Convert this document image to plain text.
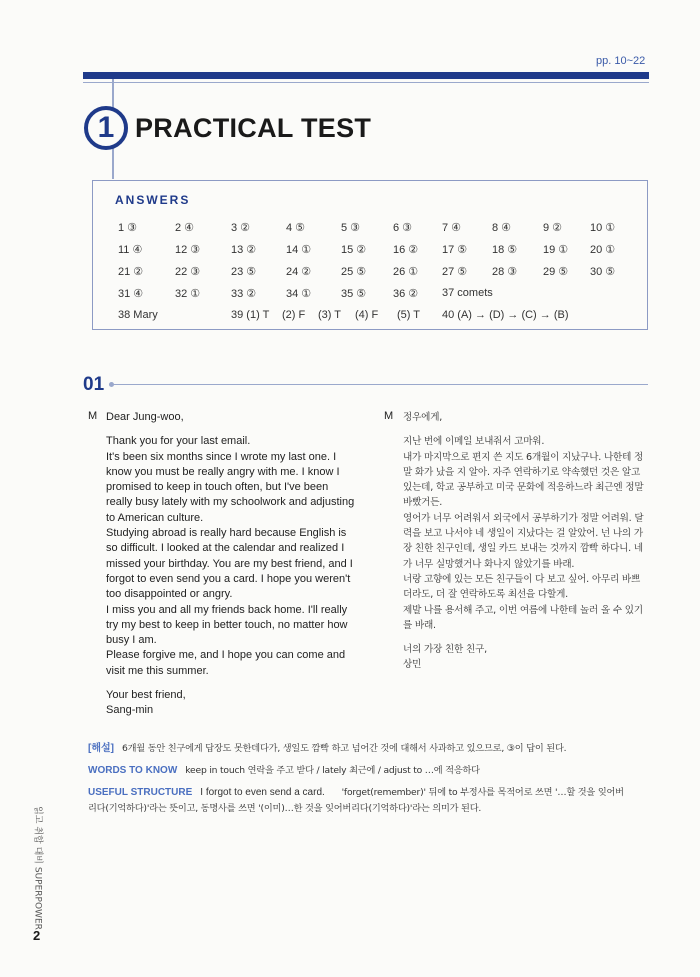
pp. 10~22
1 PRACTICAL TEST
ANSWERS
1 ③	2 ④	3 ②	4 ⑤	5 ③	6 ③	7 ④	8 ④	9 ②	10 ①
11 ④	12 ③	13 ②	14 ①	15 ② 16 ② 17 ⑤ 18 ⑤ 19 ① 20 ①
21 ②	22 ③	23 ⑤	24 ②	25 ⑤ 26 ① 27 ⑤ 28 ③ 29 ⑤ 30 ⑤
31 ④	32 ①	33 ②	34 ①	35 ⑤ 36 ② 37 comets
38 Mary	39 (1) T (2) F (3) T (4) F (5) T 40 (A) → (D) → (C) → (B)
01
M Dear Jung-woo,

Thank you for your last email.

It's been six months since I wrote my last one. I know you must be really angry with me. I know I promised to keep in touch often, but I've been really busy lately with my schoolwork and adjusting to American culture.

Studying abroad is really hard because English is so difficult. I looked at the calendar and realized I missed your birthday. You are my best friend, and I forgot to even send you a card. I hope you weren't too disappointed or angry.

I miss you and all my friends back home. I'll really try my best to keep in better touch, no matter how busy I am.

Please forgive me, and I hope you can come and visit me this summer.

Your best friend,

Sang-min

M 정우에게,

지난 번에 이메일 보내줘서 고마워.

내가 마지막으로 편지 쓴 지도 6개월이 지났구나. 나한테 정말 화가 났을 지 알아. 자주 연락하기로 약속했던 것은 알고 있는데, 학교 공부하고 미국 문화에 적응하느라 최근엔 정말 바빴거든.

영어가 너무 어려워서 외국에서 공부하기가 정말 어려워. 달력을 보고 나서야 네 생일이 지났다는 걸 알았어. 넌 나의 가장 친한 친구인데, 생일 카드 보내는 것까지 깜빡 하다니. 네가 너무 실망했거나 화나지 않았기를 바래.

너랑 고향에 있는 모든 친구들이 다 보고 싶어. 아무리 바쁘더라도, 더 잘 연락하도록 최선을 다할게.

제발 나를 용서해 주고, 이번 여름에 나한테 놀러 올 수 있기를 바래.

너의 가장 친한 친구,

상민

[해설] 6개월 동안 친구에게 답장도 못한데다가, 생일도 깜빡 하고 넘어간 것에 대해서 사과하고 있으므로, ③이 답이 된다.
WORDS TO KNOW keep in touch 연락을 주고 받다 / lately 최근에 / adjust to …에 적응하다
USEFUL STRUCTURE I forgot to even send a card. 'forget(remember)' 뒤에 to 부정사를 목적어로 쓰면 '…할 것을 잊어버
리다(기억하다)'라는 뜻이고, 동명사를 쓰면 '(이미)…한 것을 잊어버리다(기억하다)'라는 의미가 된다.
읽고 취합 대비 SUPERPOWER
2
